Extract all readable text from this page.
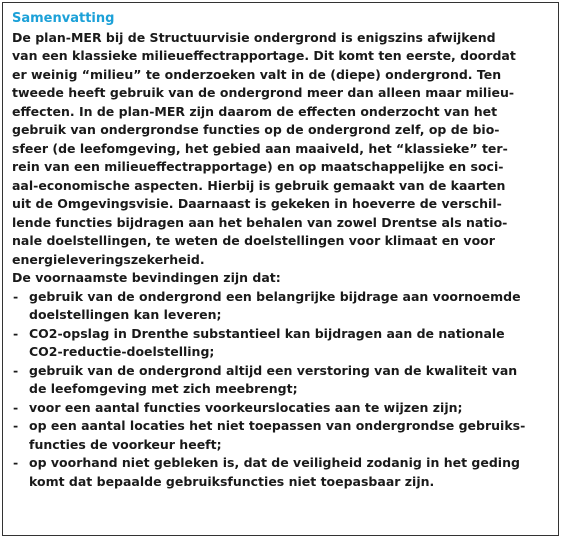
Samenvatting
De plan-MER bij de Structuurvisie ondergrond is enigszins afwijkend
van een klassieke milieueffectrapportage. Dit komt ten eerste, doordat
er weinig “milieu” te onderzoeken valt in de (diepe) ondergrond. Ten
tweede heeft gebruik van de ondergrond meer dan alleen maar milieu-
effecten. In de plan-MER zijn daarom de effecten onderzocht van het
gebruik van ondergrondse functies op de ondergrond zelf, op de bio-
sfeer (de leefomgeving, het gebied aan maaiveld, het “klassieke” ter-
rein van een milieueffectrapportage) en op maatschappelijke en soci-
aal-economische aspecten. Hierbij is gebruik gemaakt van de kaarten
uit de Omgevingsvisie. Daarnaast is gekeken in hoeverre de verschil-
lende functies bijdragen aan het behalen van zowel Drentse als natio-
nale doelstellingen, te weten de doelstellingen voor klimaat en voor
energieleveringszekerheid.
De voornaamste bevindingen zijn dat:
- gebruik van de ondergrond een belangrijke bijdrage aan voornoemde
doelstellingen kan leveren;
- CO2-opslag in Drenthe substantieel kan bijdragen aan de nationale
CO2-reductie-doelstelling;
- gebruik van de ondergrond altijd een verstoring van de kwaliteit van
de leefomgeving met zich meebrengt;
- voor een aantal functies voorkeurslocaties aan te wijzen zijn;
- op een aantal locaties het niet toepassen van ondergrondse gebruiks-
functies de voorkeur heeft;
- op voorhand niet gebleken is, dat de veiligheid zodanig in het geding
komt dat bepaalde gebruiksfuncties niet toepasbaar zijn.
